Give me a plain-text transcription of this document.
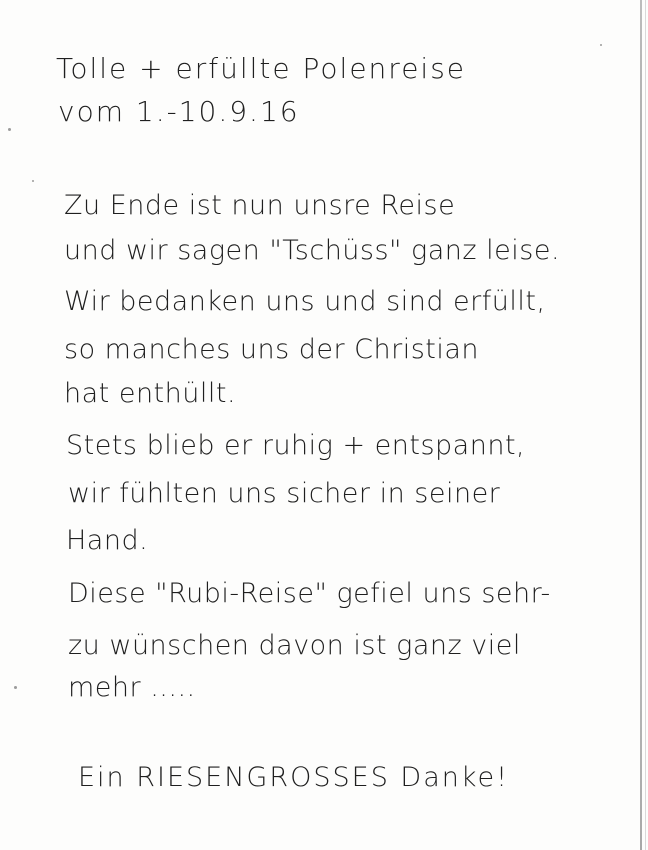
Tolle + erfüllte Polenreise
vom 1.-10.9.16
Zu Ende ist nun unsre Reise
und wir sagen "Tschüss" ganz leise.
Wir bedanken uns und sind erfüllt,
so manches uns der Christian
hat enthüllt.
Stets blieb er ruhig + entspannt,
wir fühlten uns sicher in seiner
Hand.
Diese "Rubi-Reise" gefiel uns sehr-
zu wünschen davon ist ganz viel
mehr .....
Ein RIESENGROSSES Danke!
